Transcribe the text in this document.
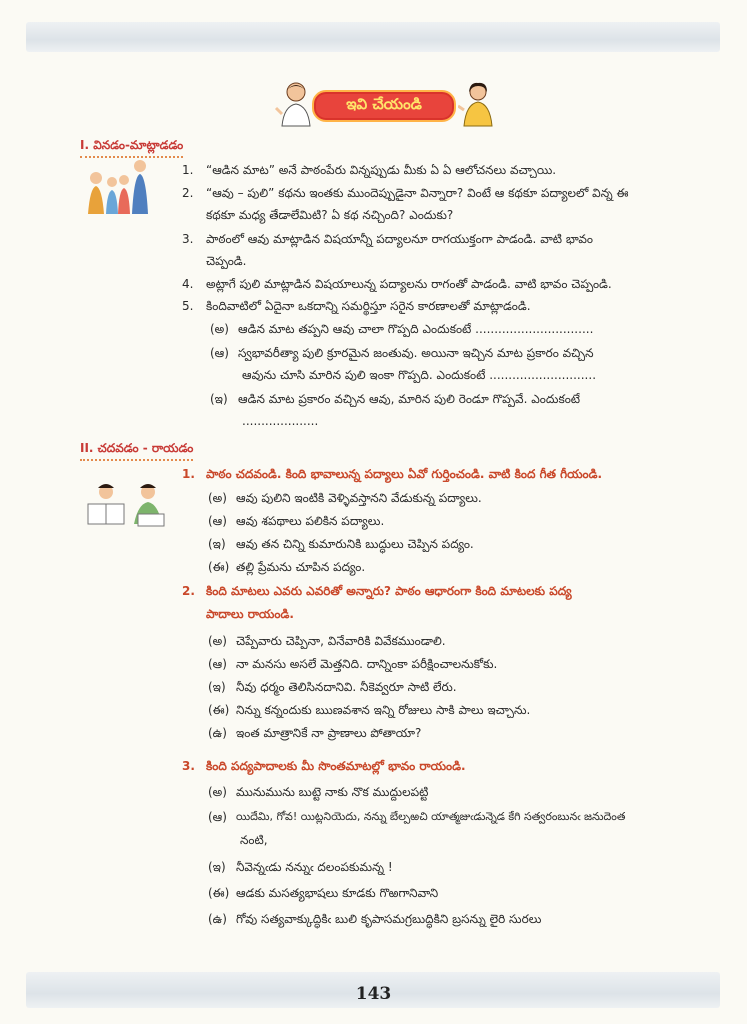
ఇవి చేయండి
I. వినడం-మాట్లాడడం
1. “ఆడిన మాట” అనే పాఠంపేరు విన్నప్పుడు మీకు ఏ ఏ ఆలోచనలు వచ్చాయి.
2. “ఆవు – పులి” కథను ఇంతకు ముందెప్పుడైనా విన్నారా? వింటే ఆ కథకూ పద్యాలలో విన్న ఈ
కథకూ మధ్య తేడాలేమిటి? ఏ కథ నచ్చింది? ఎందుకు?
3. పాఠంలో ఆవు మాట్లాడిన విషయాన్నీ పద్యాలనూ రాగయుక్తంగా పాడండి. వాటి భావం
చెప్పండి.
4. అట్లాగే పులి మాట్లాడిన విషయాలున్న పద్యాలను రాగంతో పాడండి. వాటి భావం చెప్పండి.
5. కిందివాటిలో ఏదైనా ఒకదాన్ని సమర్థిస్తూ సరైన కారణాలతో మాట్లాడండి.
(అ) ఆడిన మాట తప్పని ఆవు చాలా గొప్పది ఎందుకంటే ...............................
(ఆ) స్వభావరీత్యా పులి క్రూరమైన జంతువు. అయినా ఇచ్చిన మాట ప్రకారం వచ్చిన
ఆవును చూసి మారిన పులి ఇంకా గొప్పది. ఎందుకంటే ............................
(ఇ) ఆడిన మాట ప్రకారం వచ్చిన ఆవు, మారిన పులి రెండూ గొప్పవే. ఎందుకంటే
....................
II. చదవడం - రాయడం
1. పాఠం చదవండి. కింది భావాలున్న పద్యాలు ఏవో గుర్తించండి. వాటి కింద గీత గీయండి.
(అ) ఆవు పులిని ఇంటికి వెళ్ళివస్తానని వేడుకున్న పద్యాలు.
(ఆ) ఆవు శపథాలు పలికిన పద్యాలు.
(ఇ) ఆవు తన చిన్ని కుమారునికి బుద్ధులు చెప్పిన పద్యం.
(ఈ) తల్లి ప్రేమను చూపిన పద్యం.
2. కింది మాటలు ఎవరు ఎవరితో అన్నారు? పాఠం ఆధారంగా కింది మాటలకు పద్య
పాదాలు రాయండి.
(అ) చెప్పేవారు చెప్పినా, వినేవారికి వివేకముండాలి.
(ఆ) నా మనసు అసలే మెత్తనిది. దాన్నింకా పరీక్షించాలనుకోకు.
(ఇ) నీవు ధర్మం తెలిసినదానివి. నీకెవ్వరూ సాటి లేరు.
(ఈ) నిన్ను కన్నందుకు ఋణవశాన ఇన్ని రోజులు సాకి పాలు ఇచ్చాను.
(ఉ) ఇంత మాత్రానికే నా ప్రాణాలు పోతాయా?
3. కింది పద్యపాదాలకు మీ సొంతమాటల్లో భావం రాయండి.
(అ) మునుమును బుట్టె నాకు నొక ముద్దులపట్టి
(ఆ) యిదేమి, గోవ! యిట్లనియెదు, నన్ను బేల్పఱచి యాత్మజుఁడున్నెడ కేగి సత్వరంబునఁ జనుదెంత
నంటి,
(ఇ) నీవెన్నఁడు నన్నుఁ దలంపకుమన్న !
(ఈ) ఆడకు మసత్యభాషలు కూడకు గొఱగానివాని
(ఉ) గోవు సత్యవాక్కుద్ధికిఁ బులి కృపాసమగ్రబుద్ధికిని బ్రసన్ను లైరి సురలు
143
